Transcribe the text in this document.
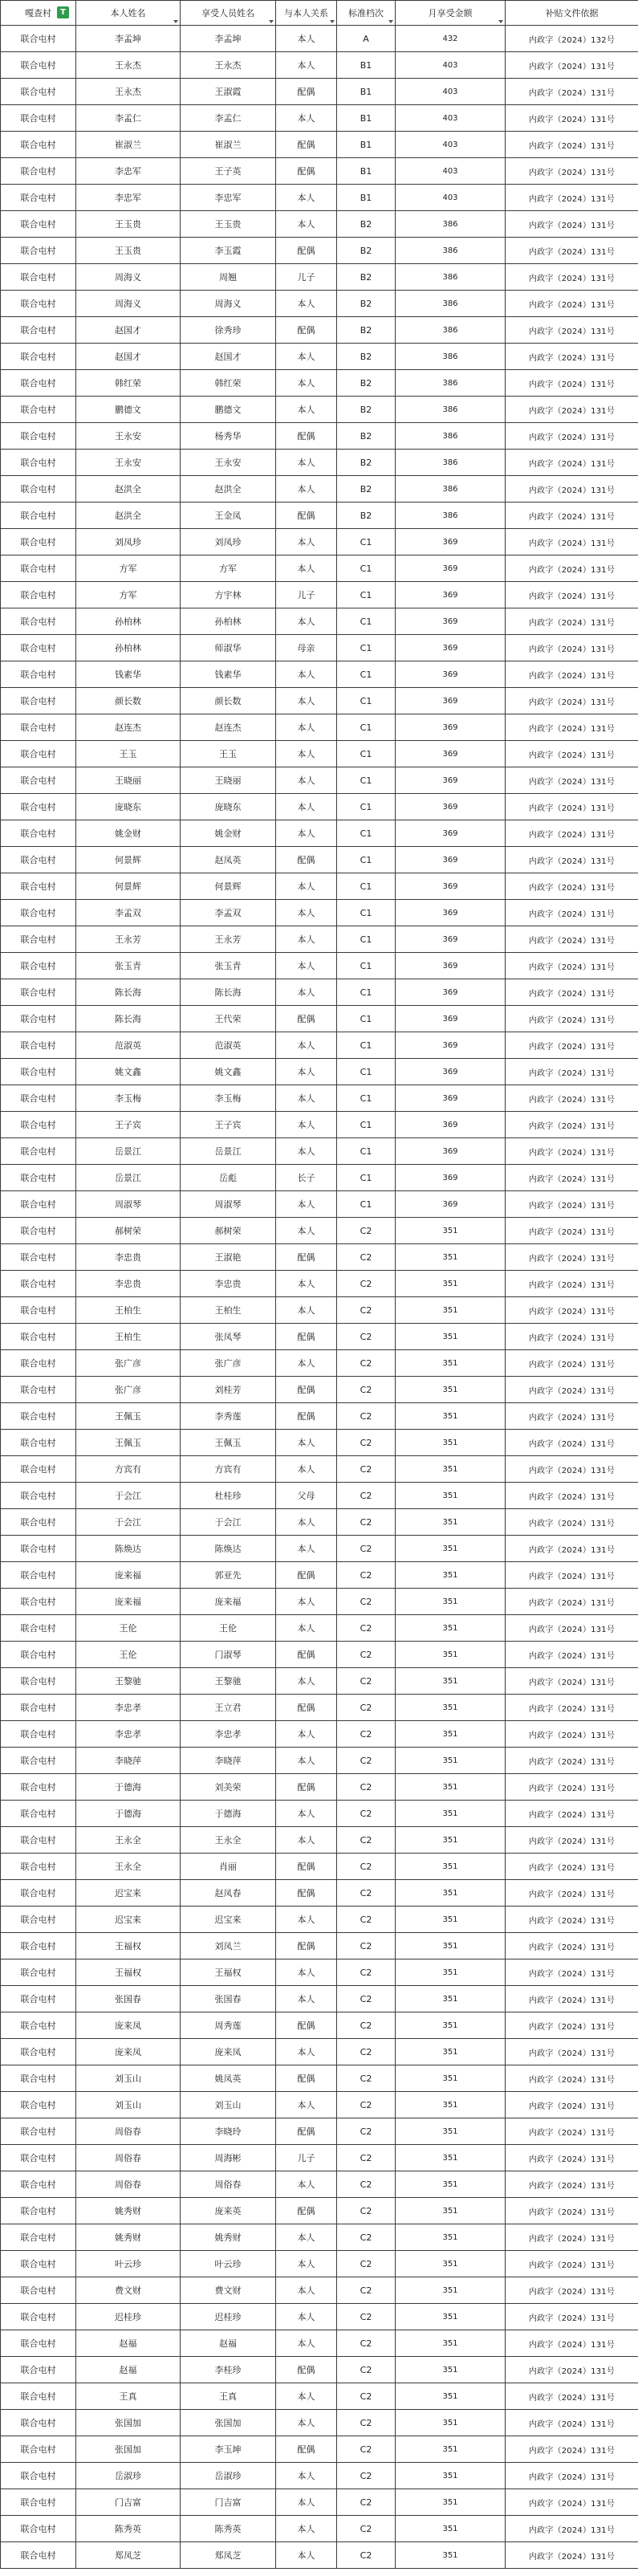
嘎查村 T	本人姓名	享受人员姓名	与本人关系	标准档次	月享受金额	补贴文件依据
联合屯村	李孟坤	李孟坤	本人	A	432	内政字（2024）132号
联合屯村	王永杰	王永杰	本人	B1	403	内政字（2024）131号
联合屯村	王永杰	王淑霞	配偶	B1	403	内政字（2024）131号
联合屯村	李孟仁	李孟仁	本人	B1	403	内政字（2024）131号
联合屯村	崔淑兰	崔淑兰	配偶	B1	403	内政字（2024）131号
联合屯村	李忠军	王子英	配偶	B1	403	内政字（2024）131号
联合屯村	李忠军	李忠军	本人	B1	403	内政字（2024）131号
联合屯村	王玉贵	王玉贵	本人	B2	386	内政字（2024）131号
联合屯村	王玉贵	李玉霞	配偶	B2	386	内政字（2024）131号
联合屯村	周海义	周翘	儿子	B2	386	内政字（2024）131号
联合屯村	周海义	周海义	本人	B2	386	内政字（2024）131号
联合屯村	赵国才	徐秀珍	配偶	B2	386	内政字（2024）131号
联合屯村	赵国才	赵国才	本人	B2	386	内政字（2024）131号
联合屯村	韩红荣	韩红荣	本人	B2	386	内政字（2024）131号
联合屯村	鹏德文	鹏德文	本人	B2	386	内政字（2024）131号
联合屯村	王永安	杨秀华	配偶	B2	386	内政字（2024）131号
联合屯村	王永安	王永安	本人	B2	386	内政字（2024）131号
联合屯村	赵洪全	赵洪全	本人	B2	386	内政字（2024）131号
联合屯村	赵洪全	王金凤	配偶	B2	386	内政字（2024）131号
联合屯村	刘凤珍	刘凤珍	本人	C1	369	内政字（2024）131号
联合屯村	方军	方军	本人	C1	369	内政字（2024）131号
联合屯村	方军	方宇林	儿子	C1	369	内政字（2024）131号
联合屯村	孙柏林	孙柏林	本人	C1	369	内政字（2024）131号
联合屯村	孙柏林	师淑华	母亲	C1	369	内政字（2024）131号
联合屯村	钱素华	钱素华	本人	C1	369	内政字（2024）131号
联合屯村	颜长数	颜长数	本人	C1	369	内政字（2024）131号
联合屯村	赵连杰	赵连杰	本人	C1	369	内政字（2024）131号
联合屯村	王玉	王玉	本人	C1	369	内政字（2024）131号
联合屯村	王晓丽	王晓丽	本人	C1	369	内政字（2024）131号
联合屯村	庞晓东	庞晓东	本人	C1	369	内政字（2024）131号
联合屯村	姚金财	姚金财	本人	C1	369	内政字（2024）131号
联合屯村	何景辉	赵凤英	配偶	C1	369	内政字（2024）131号
联合屯村	何景辉	何景辉	本人	C1	369	内政字（2024）131号
联合屯村	李孟双	李孟双	本人	C1	369	内政字（2024）131号
联合屯村	王永芳	王永芳	本人	C1	369	内政字（2024）131号
联合屯村	张玉青	张玉青	本人	C1	369	内政字（2024）131号
联合屯村	陈长海	陈长海	本人	C1	369	内政字（2024）131号
联合屯村	陈长海	王代荣	配偶	C1	369	内政字（2024）131号
联合屯村	范淑英	范淑英	本人	C1	369	内政字（2024）131号
联合屯村	姚文鑫	姚文鑫	本人	C1	369	内政字（2024）131号
联合屯村	李玉梅	李玉梅	本人	C1	369	内政字（2024）131号
联合屯村	王子宾	王子宾	本人	C1	369	内政字（2024）131号
联合屯村	岳景江	岳景江	本人	C1	369	内政字（2024）131号
联合屯村	岳景江	岳彪	长子	C1	369	内政字（2024）131号
联合屯村	周淑琴	周淑琴	本人	C1	369	内政字（2024）131号
联合屯村	郝树荣	郝树荣	本人	C2	351	内政字（2024）131号
联合屯村	李忠贵	王淑艳	配偶	C2	351	内政字（2024）131号
联合屯村	李忠贵	李忠贵	本人	C2	351	内政字（2024）131号
联合屯村	王柏生	王柏生	本人	C2	351	内政字（2024）131号
联合屯村	王柏生	张凤琴	配偶	C2	351	内政字（2024）131号
联合屯村	张广彦	张广彦	本人	C2	351	内政字（2024）131号
联合屯村	张广彦	刘桂芳	配偶	C2	351	内政字（2024）131号
联合屯村	王佩玉	李秀莲	配偶	C2	351	内政字（2024）131号
联合屯村	王佩玉	王佩玉	本人	C2	351	内政字（2024）131号
联合屯村	方宾有	方宾有	本人	C2	351	内政字（2024）131号
联合屯村	于会江	杜桂珍	父母	C2	351	内政字（2024）131号
联合屯村	于会江	于会江	本人	C2	351	内政字（2024）131号
联合屯村	陈焕达	陈焕达	本人	C2	351	内政字（2024）131号
联合屯村	庞来福	郭亚先	配偶	C2	351	内政字（2024）131号
联合屯村	庞来福	庞来福	本人	C2	351	内政字（2024）131号
联合屯村	王伦	王伦	本人	C2	351	内政字（2024）131号
联合屯村	王伦	门淑琴	配偶	C2	351	内政字（2024）131号
联合屯村	王黎驰	王黎驰	本人	C2	351	内政字（2024）131号
联合屯村	李忠孝	王立君	配偶	C2	351	内政字（2024）131号
联合屯村	李忠孝	李忠孝	本人	C2	351	内政字（2024）131号
联合屯村	李晓萍	李晓萍	本人	C2	351	内政字（2024）131号
联合屯村	于德海	刘美荣	配偶	C2	351	内政字（2024）131号
联合屯村	于德海	于德海	本人	C2	351	内政字（2024）131号
联合屯村	王永全	王永全	本人	C2	351	内政字（2024）131号
联合屯村	王永全	肖丽	配偶	C2	351	内政字（2024）131号
联合屯村	迟宝来	赵凤春	配偶	C2	351	内政字（2024）131号
联合屯村	迟宝来	迟宝来	本人	C2	351	内政字（2024）131号
联合屯村	王福权	刘凤兰	配偶	C2	351	内政字（2024）131号
联合屯村	王福权	王福权	本人	C2	351	内政字（2024）131号
联合屯村	张国春	张国春	本人	C2	351	内政字（2024）131号
联合屯村	庞来凤	周秀莲	配偶	C2	351	内政字（2024）131号
联合屯村	庞来凤	庞来凤	本人	C2	351	内政字（2024）131号
联合屯村	刘玉山	姚凤英	配偶	C2	351	内政字（2024）131号
联合屯村	刘玉山	刘玉山	本人	C2	351	内政字（2024）131号
联合屯村	周俗春	李晓玲	配偶	C2	351	内政字（2024）131号
联合屯村	周俗春	周海彬	儿子	C2	351	内政字（2024）131号
联合屯村	周俗春	周俗春	本人	C2	351	内政字（2024）131号
联合屯村	姚秀财	庞来英	配偶	C2	351	内政字（2024）131号
联合屯村	姚秀财	姚秀财	本人	C2	351	内政字（2024）131号
联合屯村	叶云珍	叶云珍	本人	C2	351	内政字（2024）131号
联合屯村	费文财	费文财	本人	C2	351	内政字（2024）131号
联合屯村	迟桂珍	迟桂珍	本人	C2	351	内政字（2024）131号
联合屯村	赵福	赵福	本人	C2	351	内政字（2024）131号
联合屯村	赵福	李桂珍	配偶	C2	351	内政字（2024）131号
联合屯村	王真	王真	本人	C2	351	内政字（2024）131号
联合屯村	张国加	张国加	本人	C2	351	内政字（2024）131号
联合屯村	张国加	李玉坤	配偶	C2	351	内政字（2024）131号
联合屯村	岳淑珍	岳淑珍	本人	C2	351	内政字（2024）131号
联合屯村	门吉富	门吉富	本人	C2	351	内政字（2024）131号
联合屯村	陈秀英	陈秀英	本人	C2	351	内政字（2024）131号
联合屯村	郑凤芝	郑凤芝	本人	C2	351	内政字（2024）131号
